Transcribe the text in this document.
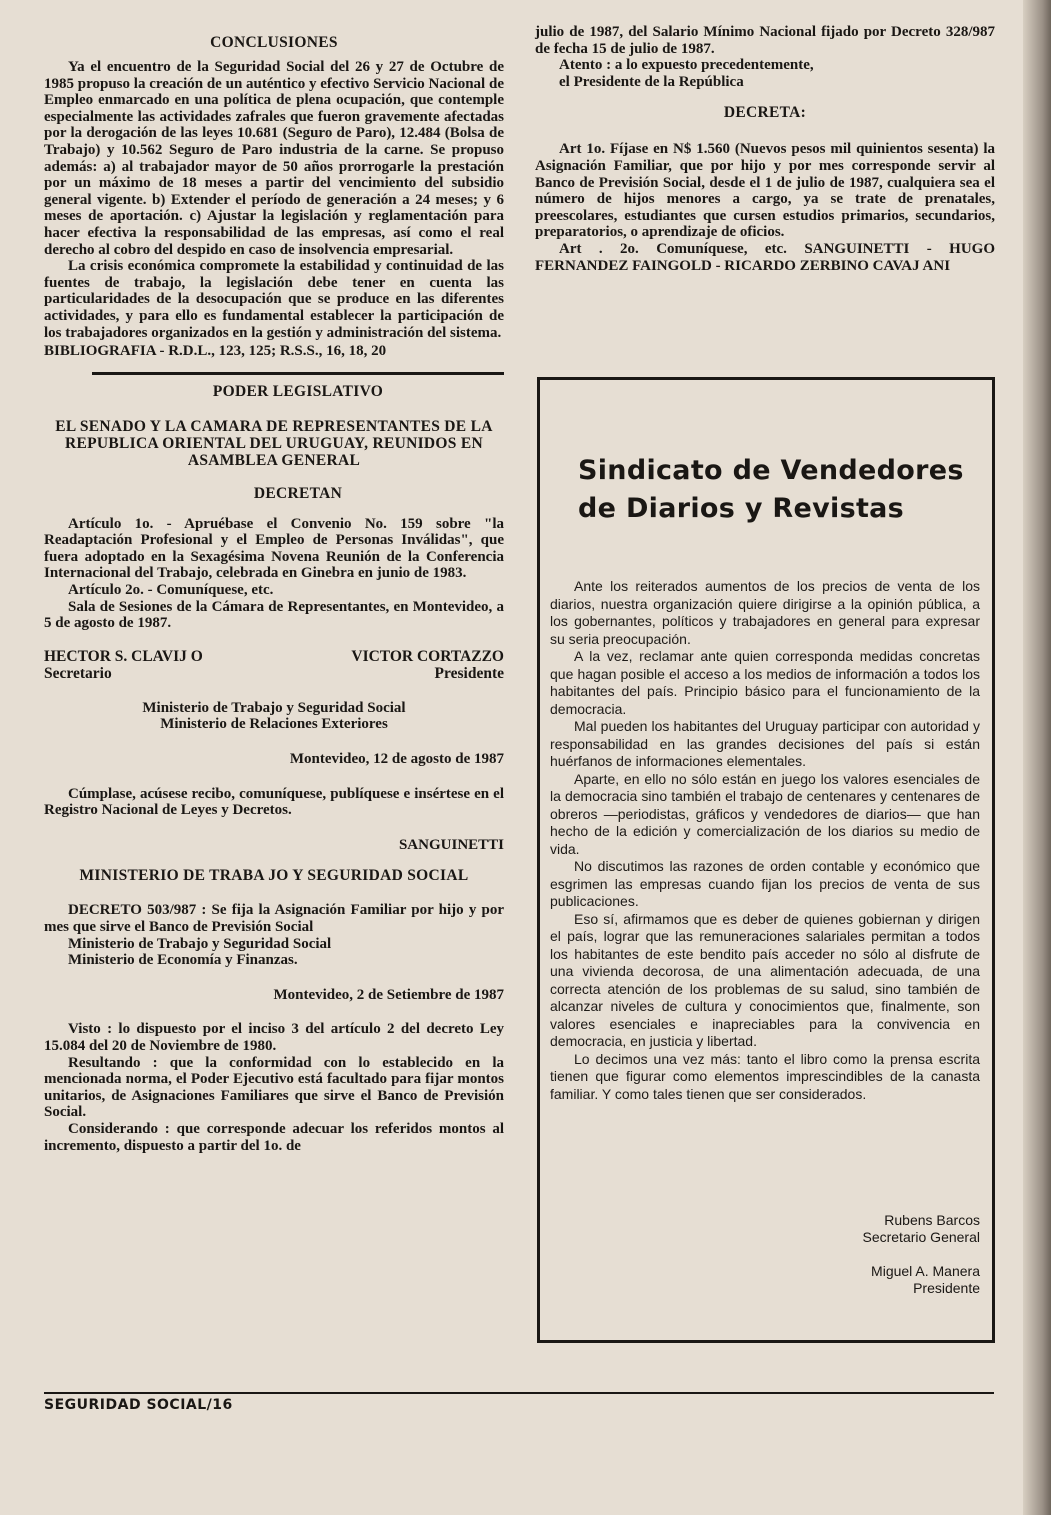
CONCLUSIONES

Ya el encuentro de la Seguridad Social del 26 y 27 de Octubre de 1985 propuso la creación de un auténtico y efectivo Servicio Nacional de Empleo enmarcado en una política de plena ocupación, que contemple especialmente las actividades zafrales que fueron gravemente afectadas por la derogación de las leyes 10.681 (Seguro de Paro), 12.484 (Bolsa de Trabajo) y 10.562 Seguro de Paro industria de la carne. Se propuso además: a) al trabajador mayor de 50 años prorrogarle la prestación por un máximo de 18 meses a partir del vencimiento del subsidio general vigente. b) Extender el período de generación a 24 meses; y 6 meses de aportación. c) Ajustar la legislación y reglamentación para hacer efectiva la responsabilidad de las empresas, así como el real derecho al cobro del despido en caso de insolvencia empresarial.

La crisis económica compromete la estabilidad y continuidad de las fuentes de trabajo, la legislación debe tener en cuenta las particularidades de la desocupación que se produce en las diferentes actividades, y para ello es fundamental establecer la participación de los trabajadores organizados en la gestión y administración del sistema.

BIBLIOGRAFIA - R.D.L., 123, 125; R.S.S., 16, 18, 20

PODER LEGISLATIVO
EL SENADO Y LA CAMARA DE REPRESENTANTES DE LA REPUBLICA ORIENTAL DEL URUGUAY, REUNIDOS EN ASAMBLEA GENERAL
DECRETAN

Artículo 1o. - Apruébase el Convenio No. 159 sobre "la Readaptación Profesional y el Empleo de Personas Inválidas", que fuera adoptado en la Sexagésima Novena Reunión de la Conferencia Internacional del Trabajo, celebrada en Ginebra en junio de 1983.

Artículo 2o. - Comuníquese, etc.

Sala de Sesiones de la Cámara de Representantes, en Montevideo, a 5 de agosto de 1987.

HECTOR S. CLAVIJ O
Secretario
VICTOR CORTAZZO
Presidente

Ministerio de Trabajo y Seguridad Social

Ministerio de Relaciones Exteriores

Montevideo, 12 de agosto de 1987

Cúmplase, acúsese recibo, comuníquese, publíquese e insértese en el Registro Nacional de Leyes y Decretos.

SANGUINETTI

MINISTERIO DE TRABA JO Y SEGURIDAD SOCIAL

DECRETO 503/987 : Se fija la Asignación Familiar por hijo y por mes que sirve el Banco de Previsión Social

Ministerio de Trabajo y Seguridad Social

Ministerio de Economía y Finanzas.

Montevideo, 2 de Setiembre de 1987

Visto : lo dispuesto por el inciso 3 del artículo 2 del decreto Ley 15.084 del 20 de Noviembre de 1980.

Resultando : que la conformidad con lo establecido en la mencionada norma, el Poder Ejecutivo está facultado para fijar montos unitarios, de Asignaciones Familiares que sirve el Banco de Previsión Social.

Considerando : que corresponde adecuar los referidos montos al incremento, dispuesto a partir del 1o. de

julio de 1987, del Salario Mínimo Nacional fijado por Decreto 328/987 de fecha 15 de julio de 1987.

Atento : a lo expuesto precedentemente,

el Presidente de la República

DECRETA:

Art 1o. Fíjase en N$ 1.560 (Nuevos pesos mil quinientos sesenta) la Asignación Familiar, que por hijo y por mes corresponde servir al Banco de Previsión Social, desde el 1 de julio de 1987, cualquiera sea el número de hijos menores a cargo, ya se trate de prenatales, preescolares, estudiantes que cursen estudios primarios, secundarios, preparatorios, o aprendizaje de oficios.

Art . 2o. Comuníquese, etc. SANGUINETTI - HUGO FERNANDEZ FAINGOLD - RICARDO ZERBINO CAVAJ ANI

Sindicato de Vendedores
de Diarios y Revistas

Ante los reiterados aumentos de los precios de venta de los diarios, nuestra organización quiere dirigirse a la opinión pública, a los gobernantes, políticos y trabajadores en general para expresar su seria preocupación.

A la vez, reclamar ante quien corresponda medidas concretas que hagan posible el acceso a los medios de información a todos los habitantes del país. Principio básico para el funcionamiento de la democracia.

Mal pueden los habitantes del Uruguay participar con autoridad y responsabilidad en las grandes decisiones del país si están huérfanos de informaciones elementales.

Aparte, en ello no sólo están en juego los valores esenciales de la democracia sino también el trabajo de centenares y centenares de obreros —periodistas, gráficos y vendedores de diarios— que han hecho de la edición y comercialización de los diarios su medio de vida.

No discutimos las razones de orden contable y económico que esgrimen las empresas cuando fijan los precios de venta de sus publicaciones.

Eso sí, afirmamos que es deber de quienes gobiernan y dirigen el país, lograr que las remuneraciones salariales permitan a todos los habitantes de este bendito país acceder no sólo al disfrute de una vivienda decorosa, de una alimentación adecuada, de una correcta atención de los problemas de su salud, sino también de alcanzar niveles de cultura y conocimientos que, finalmente, son valores esenciales e inapreciables para la convivencia en democracia, en justicia y libertad.

Lo decimos una vez más: tanto el libro como la prensa escrita tienen que figurar como elementos imprescindibles de la canasta familiar. Y como tales tienen que ser considerados.

Rubens Barcos

Secretario General

Miguel A. Manera

Presidente

SEGURIDAD SOCIAL/16
